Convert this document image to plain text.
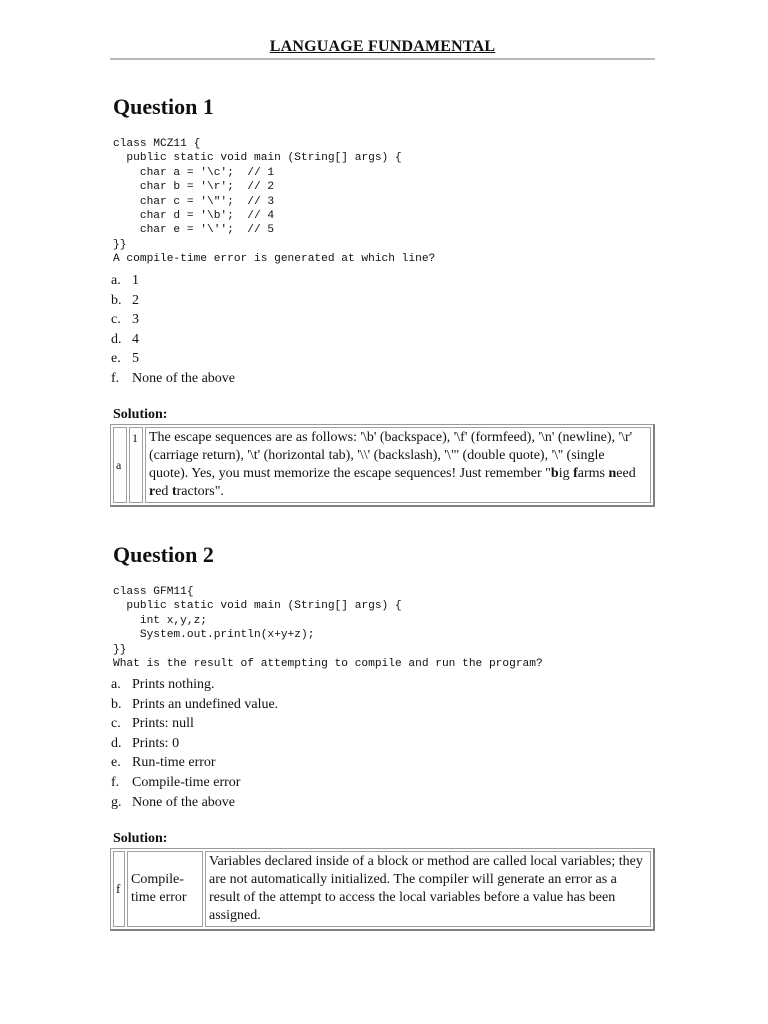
LANGUAGE FUNDAMENTAL
Question 1
class MCZ11 {
public static void main (String[] args) {
char a = '\c';  // 1
char b = '\r';  // 2
char c = '\"';  // 3
char d = '\b';  // 4
char e = '\'';  // 5
}}
A compile-time error is generated at which line?
a. 1
b. 2
c. 3
d. 4
e. 5
f. None of the above
Solution:
a	1	The escape sequences are as follows: '\b' (backspace), '\f' (formfeed), '\n' (newline), '\r' (carriage return), '\t' (horizontal tab), '\\' (backslash), '\"' (double quote), '\'' (single quote). Yes, you must memorize the escape sequences! Just remember "big farms need red tractors".
Question 2
class GFM11{
public static void main (String[] args) {
int x,y,z;
System.out.println(x+y+z);
}}
What is the result of attempting to compile and run the program?
a. Prints nothing.
b. Prints an undefined value.
c. Prints: null
d. Prints: 0
e. Run-time error
f. Compile-time error
g. None of the above
Solution:
f	Compile-time error	Variables declared inside of a block or method are called local variables; they are not automatically initialized. The compiler will generate an error as a result of the attempt to access the local variables before a value has been assigned.
